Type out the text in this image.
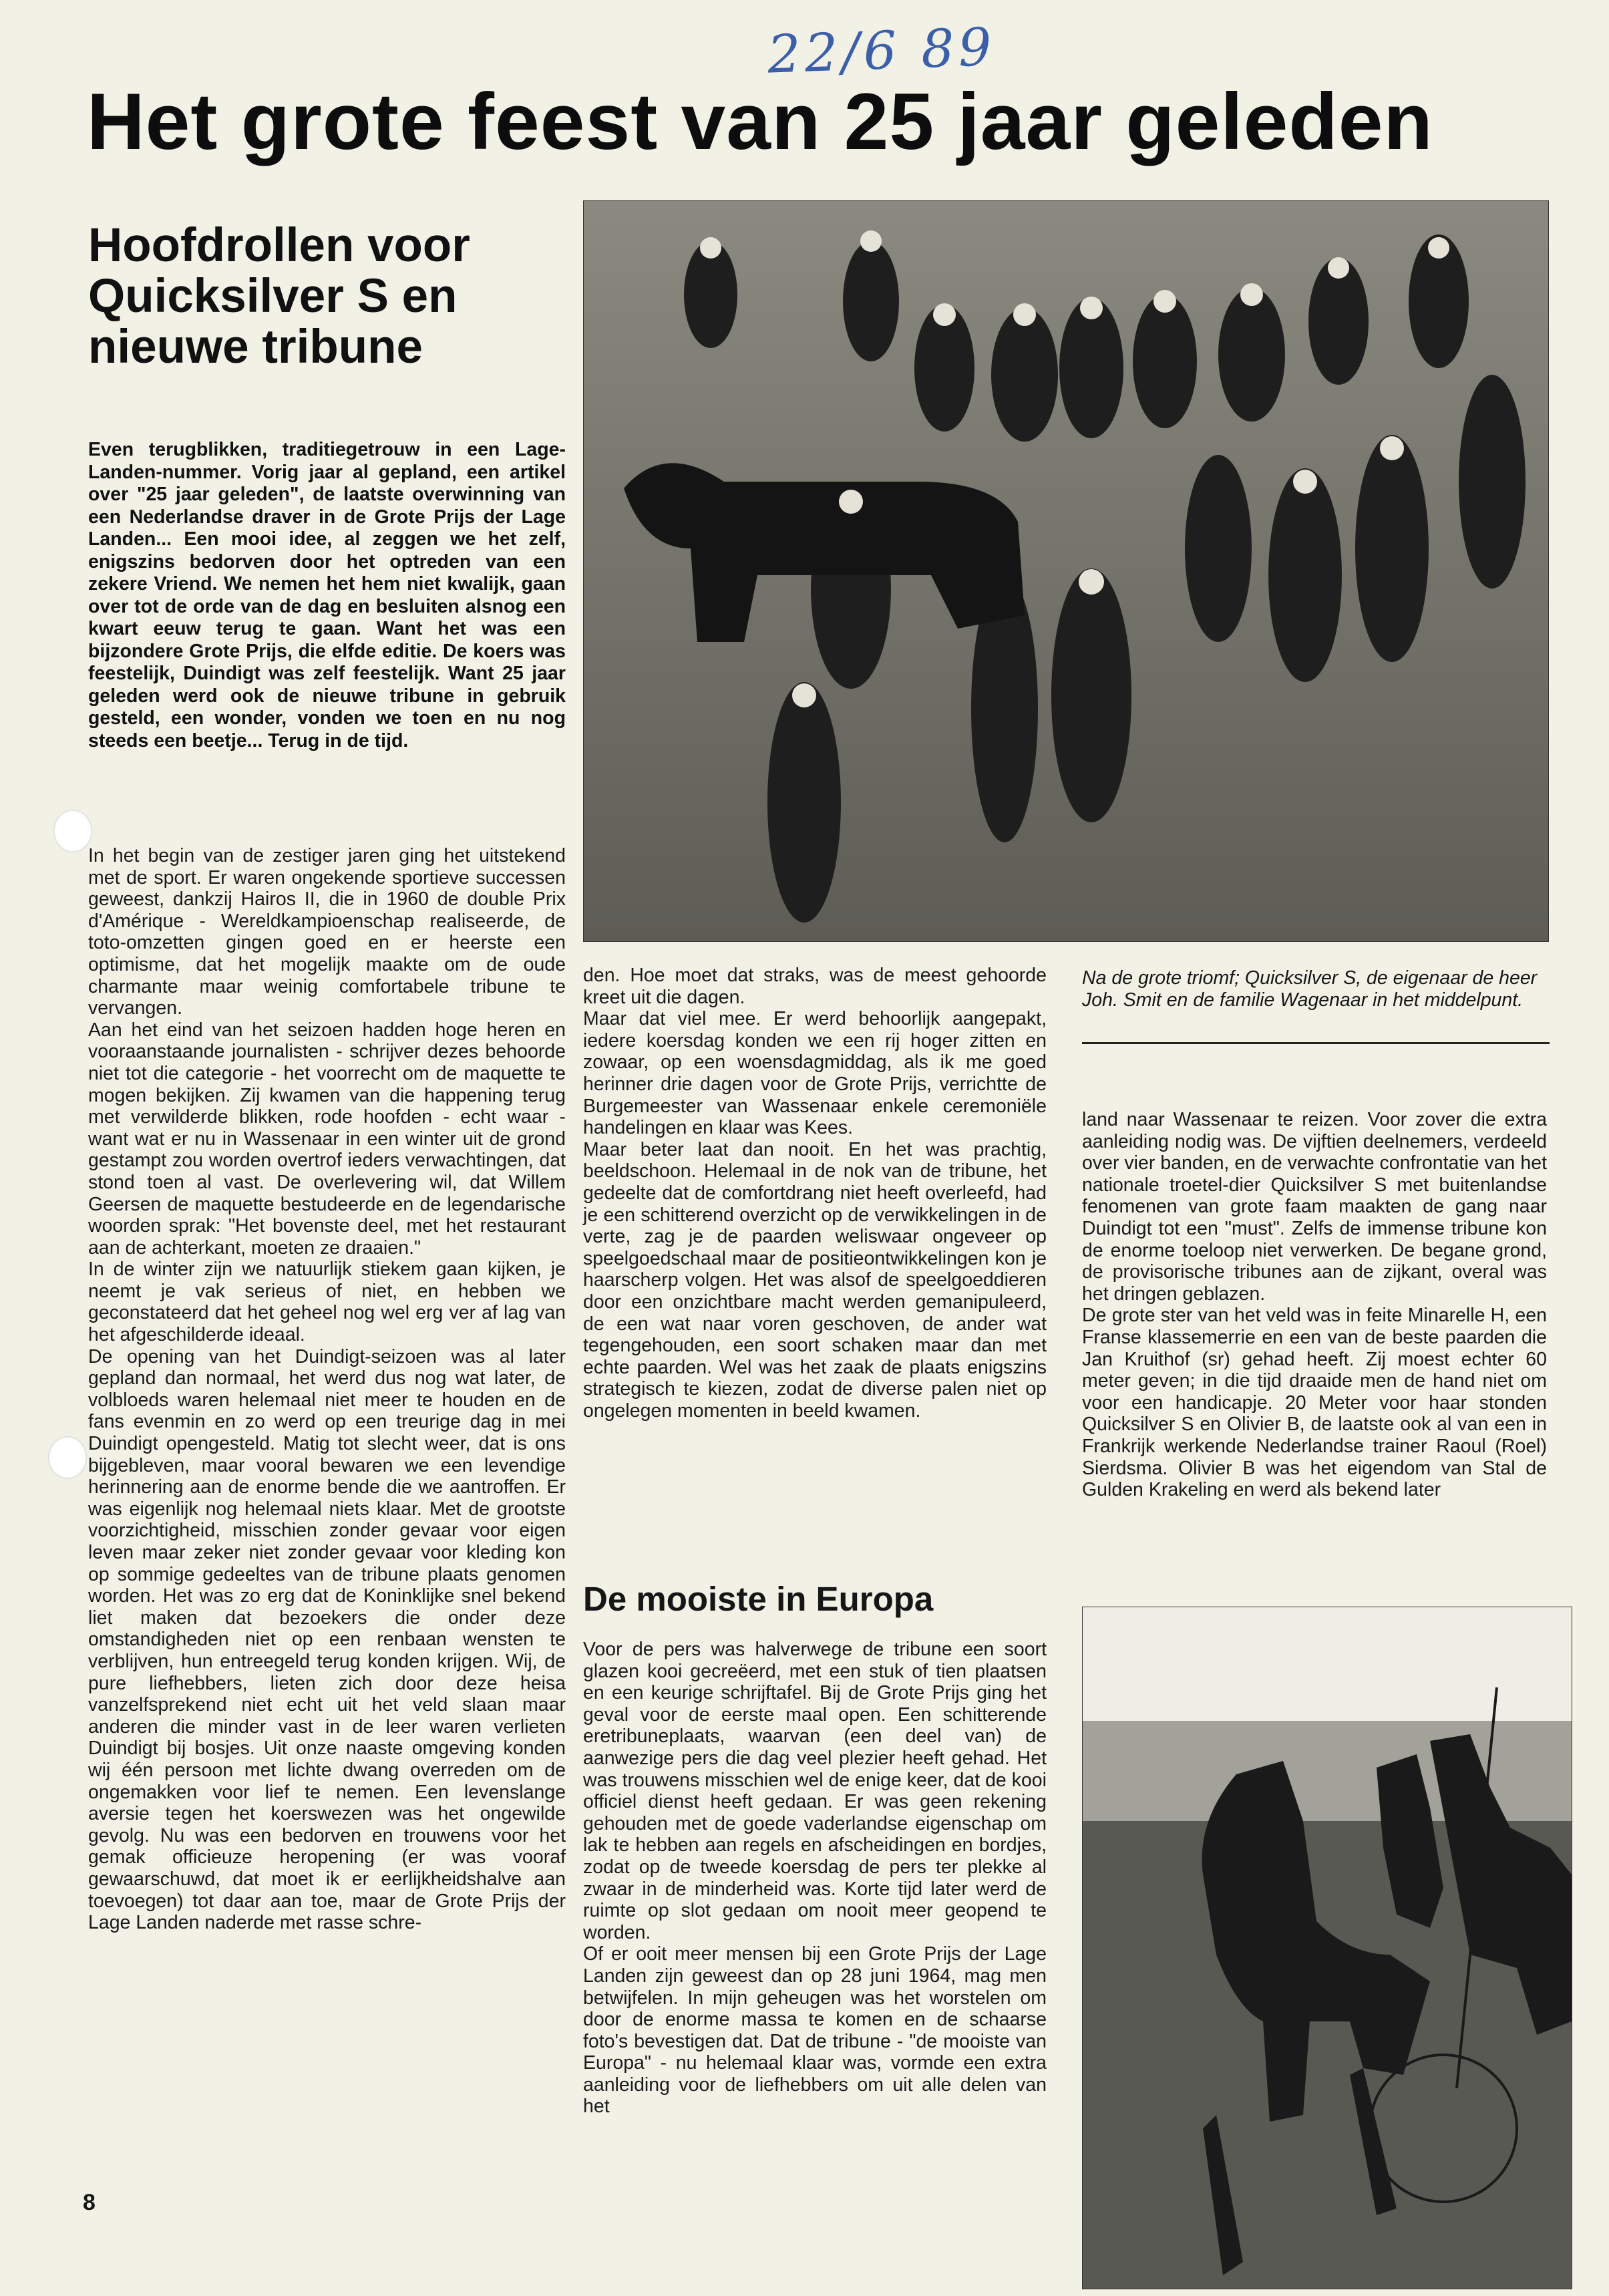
22/6 89
Het grote feest van 25 jaar geleden
Hoofdrollen voor
Quicksilver S en
nieuwe tribune
Even terugblikken, traditiegetrouw in een Lage-Landen-nummer. Vorig jaar al gepland, een artikel over "25 jaar geleden", de laatste overwinning van een Nederlandse draver in de Grote Prijs der Lage Landen... Een mooi idee, al zeggen we het zelf, enigszins bedorven door het optreden van een zekere Vriend. We nemen het hem niet kwalijk, gaan over tot de orde van de dag en besluiten alsnog een kwart eeuw terug te gaan. Want het was een bijzondere Grote Prijs, die elfde editie. De koers was feestelijk, Duindigt was zelf feestelijk. Want 25 jaar geleden werd ook de nieuwe tribune in gebruik gesteld, een wonder, vonden we toen en nu nog steeds een beetje... Terug in de tijd.

In het begin van de zestiger jaren ging het uitstekend met de sport. Er waren ongekende sportieve successen geweest, dankzij Hairos II, die in 1960 de double Prix d'Amérique - Wereldkampioenschap realiseerde, de toto-omzetten gingen goed en er heerste een optimisme, dat het mogelijk maakte om de oude charmante maar weinig comfortabele tribune te vervangen.

Aan het eind van het seizoen hadden hoge heren en vooraanstaande journalisten - schrijver dezes behoorde niet tot die categorie - het voorrecht om de maquette te mogen bekijken. Zij kwamen van die happening terug met verwilderde blikken, rode hoofden - echt waar - want wat er nu in Wassenaar in een winter uit de grond gestampt zou worden overtrof ieders verwachtingen, dat stond toen al vast. De overlevering wil, dat Willem Geersen de maquette bestudeerde en de legendarische woorden sprak: "Het bovenste deel, met het restaurant aan de achterkant, moeten ze draaien."

In de winter zijn we natuurlijk stiekem gaan kijken, je neemt je vak serieus of niet, en hebben we geconstateerd dat het geheel nog wel erg ver af lag van het afgeschilderde ideaal.

De opening van het Duindigt-seizoen was al later gepland dan normaal, het werd dus nog wat later, de volbloeds waren helemaal niet meer te houden en de fans evenmin en zo werd op een treurige dag in mei Duindigt opengesteld. Matig tot slecht weer, dat is ons bijgebleven, maar vooral bewaren we een levendige herinnering aan de enorme bende die we aantroffen. Er was eigenlijk nog helemaal niets klaar. Met de grootste voorzichtigheid, misschien zonder gevaar voor eigen leven maar zeker niet zonder gevaar voor kleding kon op sommige gedeeltes van de tribune plaats genomen worden. Het was zo erg dat de Koninklijke snel bekend liet maken dat bezoekers die onder deze omstandigheden niet op een renbaan wensten te verblijven, hun entreegeld terug konden krijgen. Wij, de pure liefhebbers, lieten zich door deze heisa vanzelfsprekend niet echt uit het veld slaan maar anderen die minder vast in de leer waren verlieten Duindigt bij bosjes. Uit onze naaste omgeving konden wij één persoon met lichte dwang overreden om de ongemakken voor lief te nemen. Een levenslange aversie tegen het koerswezen was het ongewilde gevolg. Nu was een bedorven en trouwens voor het gemak officieuze heropening (er was vooraf gewaarschuwd, dat moet ik er eerlijkheidshalve aan toevoegen) tot daar aan toe, maar de Grote Prijs der Lage Landen naderde met rasse schre-

den. Hoe moet dat straks, was de meest gehoorde kreet uit die dagen.

Maar dat viel mee. Er werd behoorlijk aangepakt, iedere koersdag konden we een rij hoger zitten en zowaar, op een woensdagmiddag, als ik me goed herinner drie dagen voor de Grote Prijs, verrichtte de Burgemeester van Wassenaar enkele ceremoniële handelingen en klaar was Kees.

Maar beter laat dan nooit. En het was prachtig, beeldschoon. Helemaal in de nok van de tribune, het gedeelte dat de comfortdrang niet heeft overleefd, had je een schitterend overzicht op de verwikkelingen in de verte, zag je de paarden weliswaar ongeveer op speelgoedschaal maar de positieontwikkelingen kon je haarscherp volgen. Het was alsof de speelgoeddieren door een onzichtbare macht werden gemanipuleerd, de een wat naar voren geschoven, de ander wat tegengehouden, een soort schaken maar dan met echte paarden. Wel was het zaak de plaats enigszins strategisch te kiezen, zodat de diverse palen niet op ongelegen momenten in beeld kwamen.

De mooiste in Europa

Voor de pers was halverwege de tribune een soort glazen kooi gecreëerd, met een stuk of tien plaatsen en een keurige schrijftafel. Bij de Grote Prijs ging het geval voor de eerste maal open. Een schitterende eretribuneplaats, waarvan (een deel van) de aanwezige pers die dag veel plezier heeft gehad. Het was trouwens misschien wel de enige keer, dat de kooi officiel dienst heeft gedaan. Er was geen rekening gehouden met de goede vaderlandse eigenschap om lak te hebben aan regels en afscheidingen en bordjes, zodat op de tweede koersdag de pers ter plekke al zwaar in de minderheid was. Korte tijd later werd de ruimte op slot gedaan om nooit meer geopend te worden.

Of er ooit meer mensen bij een Grote Prijs der Lage Landen zijn geweest dan op 28 juni 1964, mag men betwijfelen. In mijn geheugen was het worstelen om door de enorme massa te komen en de schaarse foto's bevestigen dat. Dat de tribune - "de mooiste van Europa" - nu helemaal klaar was, vormde een extra aanleiding voor de liefhebbers om uit alle delen van het

Na de grote triomf; Quicksilver S, de eigenaar de heer Joh. Smit en de familie Wagenaar in het middelpunt.

land naar Wassenaar te reizen. Voor zover die extra aanleiding nodig was. De vijftien deelnemers, verdeeld over vier banden, en de verwachte confrontatie van het nationale troetel-dier Quicksilver S met buitenlandse fenomenen van grote faam maakten de gang naar Duindigt tot een "must". Zelfs de immense tribune kon de enorme toeloop niet verwerken. De begane grond, de provisorische tribunes aan de zijkant, overal was het dringen geblazen.

De grote ster van het veld was in feite Minarelle H, een Franse klassemerrie en een van de beste paarden die Jan Kruithof (sr) gehad heeft. Zij moest echter 60 meter geven; in die tijd draaide men de hand niet om voor een handicapje. 20 Meter voor haar stonden Quicksilver S en Olivier B, de laatste ook al van een in Frankrijk werkende Nederlandse trainer Raoul (Roel) Sierdsma. Olivier B was het eigendom van Stal de Gulden Krakeling en werd als bekend later

8
